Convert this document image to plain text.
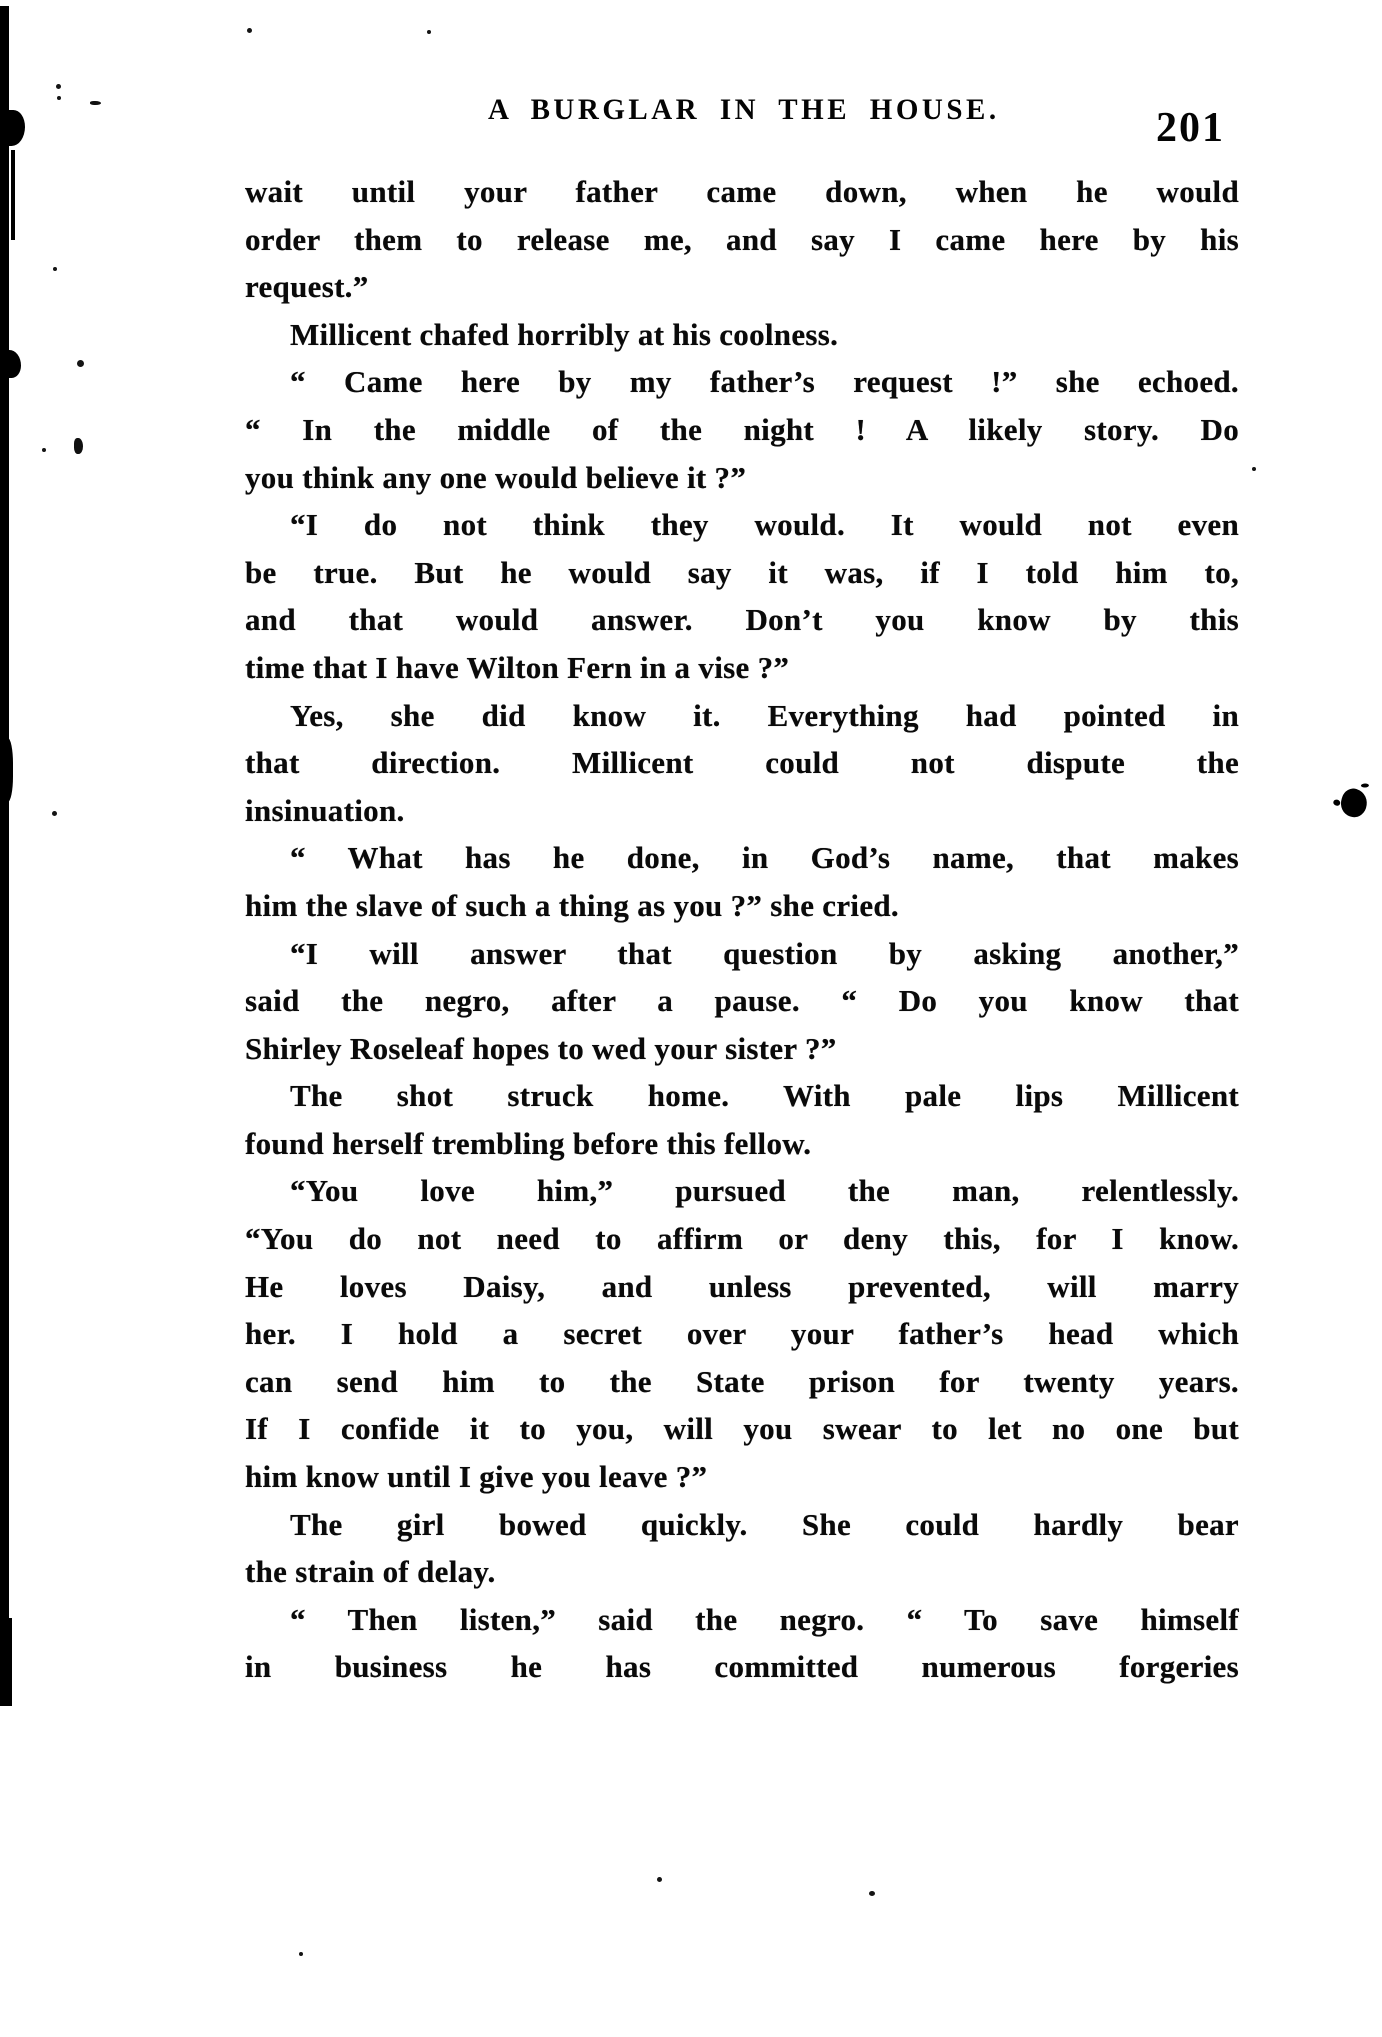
A BURGLAR IN THE HOUSE.	201
wait until your father came down, when he would
order them to release me, and say I came here by his
request.”
Millicent chafed horribly at his coolness.
“ Came here by my father’s request !” she echoed.
“ In the middle of the night ! A likely story. Do
you think any one would believe it ?”
“I do not think they would. It would not even
be true. But he would say it was, if I told him to,
and that would answer. Don’t you know by this
time that I have Wilton Fern in a vise ?”
Yes, she did know it. Everything had pointed in
that direction. Millicent could not dispute the
insinuation.
“ What has he done, in God’s name, that makes
him the slave of such a thing as you ?” she cried.
“I will answer that question by asking another,”
said the negro, after a pause. “ Do you know that
Shirley Roseleaf hopes to wed your sister ?”
The shot struck home. With pale lips Millicent
found herself trembling before this fellow.
“You love him,” pursued the man, relentlessly.
“You do not need to affirm or deny this, for I know.
He loves Daisy, and unless prevented, will marry
her. I hold a secret over your father’s head which
can send him to the State prison for twenty years.
If I confide it to you, will you swear to let no one but
him know until I give you leave ?”
The girl bowed quickly. She could hardly bear
the strain of delay.
“ Then listen,” said the negro. “ To save himself
in business he has committed numerous forgeries
